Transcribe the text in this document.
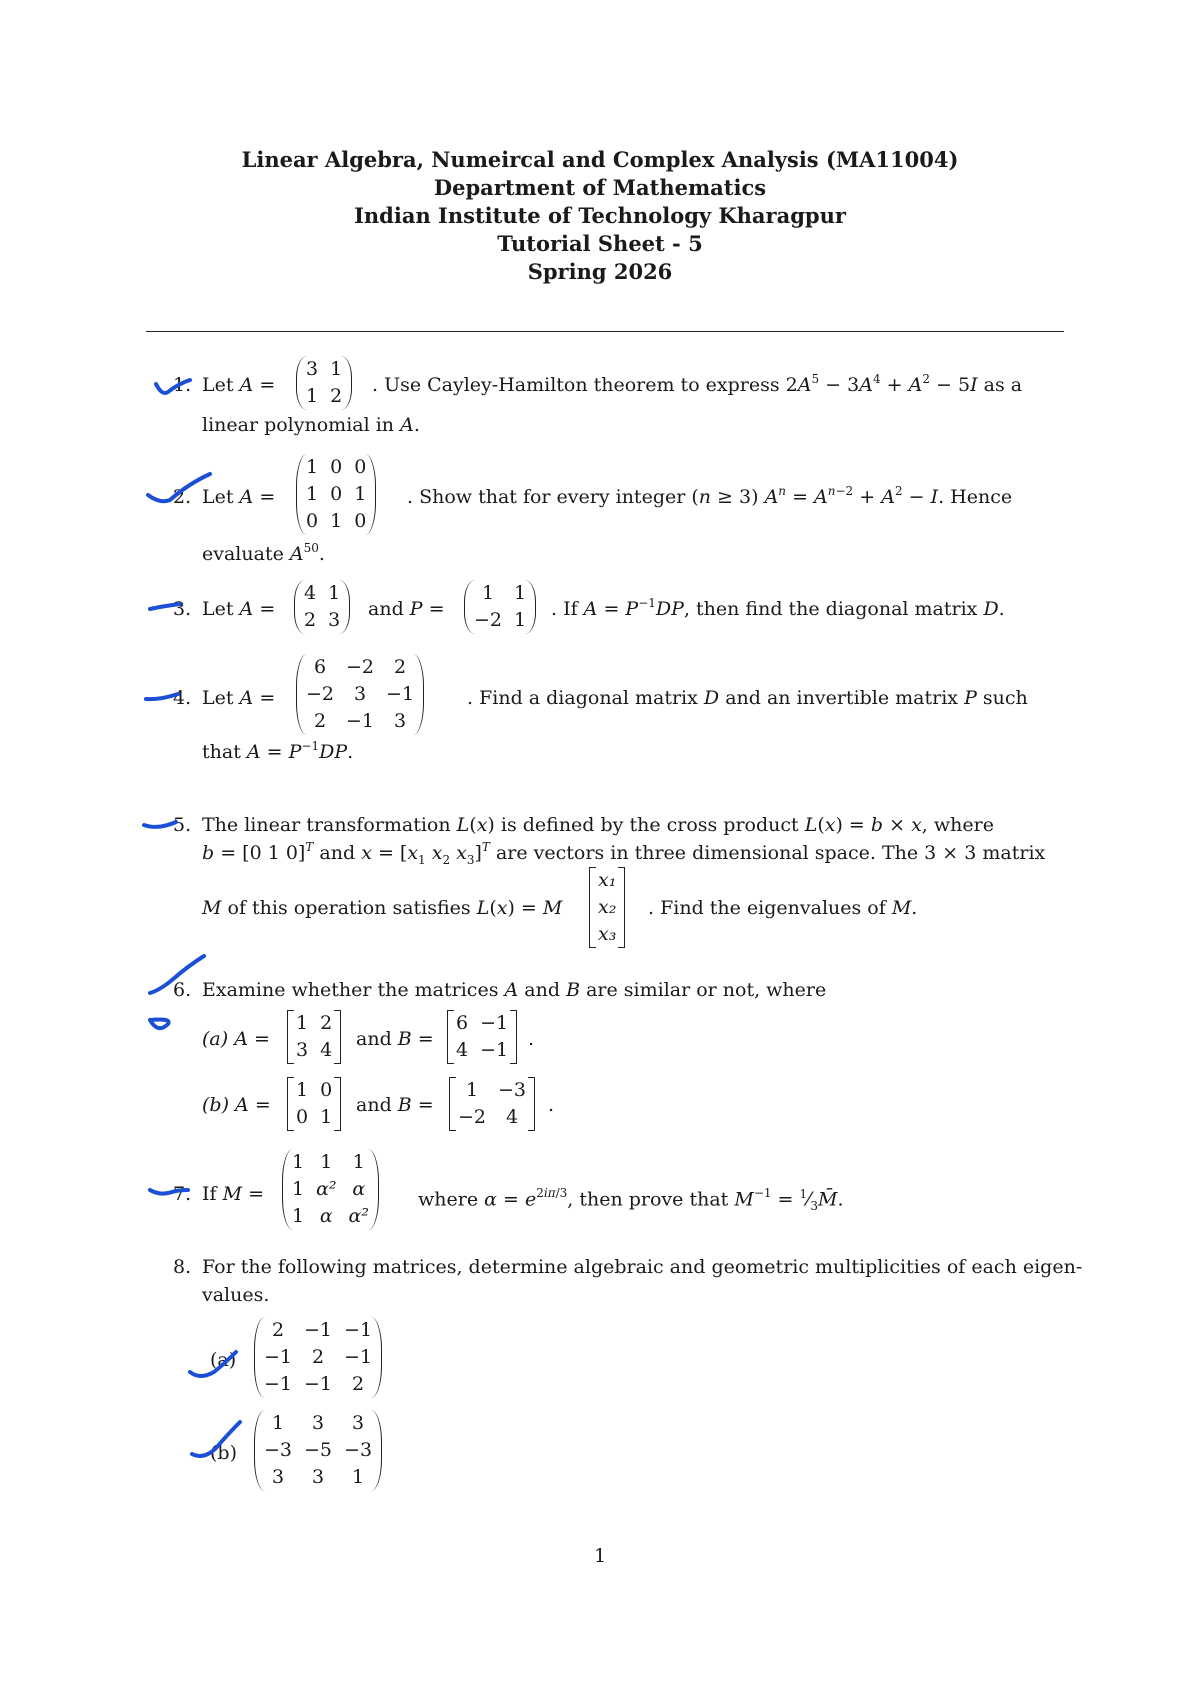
Linear Algebra, Numeircal and Complex Analysis (MA11004)
Department of Mathematics
Indian Institute of Technology Kharagpur
Tutorial Sheet - 5
Spring 2026
1. Let A =
3	1
1	2 . Use Cayley-Hamilton theorem to express $2A^5 - 3A^4 + A^2 - 5I$ as a
linear polynomial in A.
2. Let A =
1	0	0
1	0	1
0	1	0
. Show that for every integer (n ≥ 3) $A^n = A^{n-2} + A^2 - I$. Hence
evaluate $A^{50}$.
3. Let A =
4	1
2	3 and P =
1	1
−2	1 . If $A = P^{-1}DP$, then find the diagonal matrix D.
4. Let A =
6	−2	2
−2	3	−1
2	−1	3
. Find a diagonal matrix D and an invertible matrix P such
that $A = P^{-1}DP$.
5. The linear transformation L(x) is defined by the cross product L(x) = b × x, where
b = [0 1 0]$^T$ and $x = [x_1$ $x_2$ $x_3]^T$ are vectors in three dimensional space. The 3 × 3 matrix
M of this operation satisfies L(x) = M
x₁
x₂
x₃
. Find the eigenvalues of M.
6. Examine whether the matrices A and B are similar or not, where
(a) A =
1	2
3	4 and B =
6	−1
4	−1 .
(b) A =
1	0
0	1
and B =
1	−3
−2	4
.
7. If M =
1	1	1
1	α²	α
1	α	α²
where $\alpha = e^{2i\pi/3}$, then prove that $M^{-1}$ = $^1⁄_3M̄$.
8. For the following matrices, determine algebraic and geometric multiplicities of each eigen-
values.
(a)
2	−1	−1
−1	2	−1
−1	−1	2
(b)
1	3	3
−3	−5	−3
3	3	1
1
